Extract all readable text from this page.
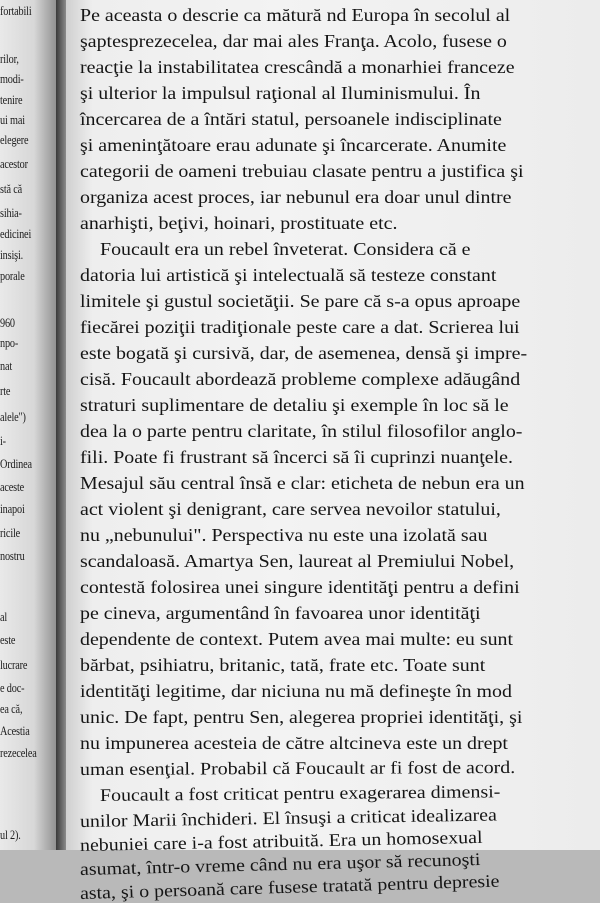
fortabili
rilor,
modi-
tenire
ui mai
elegere
acestor
stă că
sihia-
edicinei
insişi.
porale
960
npo-
nat
rte
alele")
i-
Ordinea
aceste
inapoi
ricile
nostru
al
este
lucrare
e doc-
ea că,
Acestia
rezecelea
ul 2).
Pe aceasta o descrie ca mătură nd Europa în secolul al
şaptesprezecelea, dar mai ales Franţa. Acolo, fusese o
reacţie la instabilitatea crescândă a monarhiei franceze
şi ulterior la impulsul raţional al Iluminismului. În
încercarea de a întări statul, persoanele indisciplinate
şi ameninţătoare erau adunate şi încarcerate. Anumite
categorii de oameni trebuiau clasate pentru a justifica şi
organiza acest proces, iar nebunul era doar unul dintre
anarhişti, beţivi, hoinari, prostituate etc.
Foucault era un rebel înveterat. Considera că e
datoria lui artistică şi intelectuală să testeze constant
limitele şi gustul societăţii. Se pare că s-a opus aproape
fiecărei poziţii tradiţionale peste care a dat. Scrierea lui
este bogată şi cursivă, dar, de asemenea, densă şi impre-
cisă. Foucault abordează probleme complexe adăugând
straturi suplimentare de detaliu şi exemple în loc să le
dea la o parte pentru claritate, în stilul filosofilor anglo-
fili. Poate fi frustrant să încerci să îi cuprinzi nuanţele.
Mesajul său central însă e clar: eticheta de nebun era un
act violent şi denigrant, care servea nevoilor statului,
nu „nebunului". Perspectiva nu este una izolată sau
scandaloasă. Amartya Sen, laureat al Premiului Nobel,
contestă folosirea unei singure identităţi pentru a defini
pe cineva, argumentând în favoarea unor identităţi
dependente de context. Putem avea mai multe: eu sunt
bărbat, psihiatru, britanic, tată, frate etc. Toate sunt
identităţi legitime, dar niciuna nu mă defineşte în mod
unic. De fapt, pentru Sen, alegerea propriei identităţi, şi
nu impunerea acesteia de către altcineva este un drept
uman esenţial. Probabil că Foucault ar fi fost de acord.
Foucault a fost criticat pentru exagerarea dimensi-
unilor Marii închideri. El însuşi a criticat idealizarea
nebuniei care i-a fost atribuită. Era un homosexual
asumat, într-o vreme când nu era uşor să recunoşti
asta, şi o persoană care fusese tratată pentru depresie
